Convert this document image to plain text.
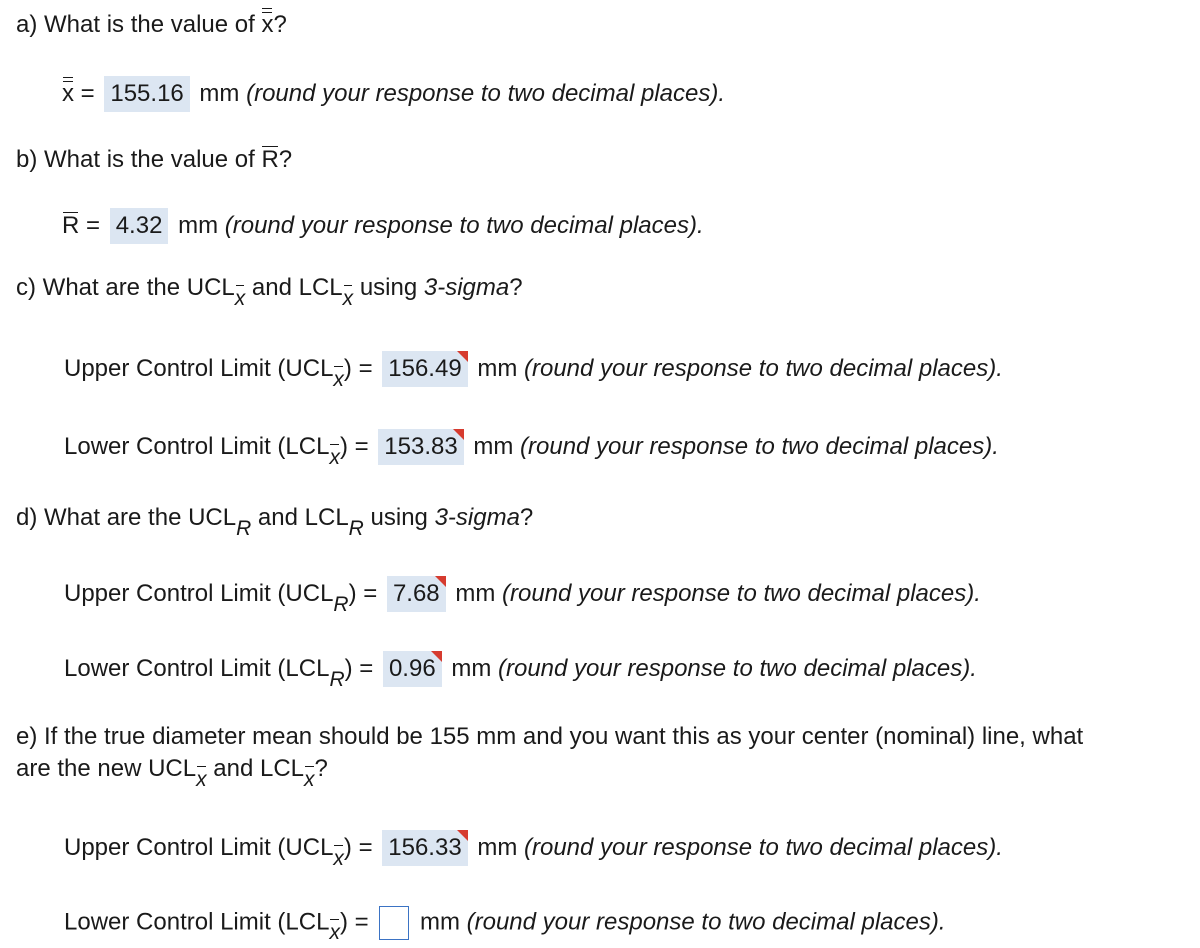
a) What is the value of x?
x = 155.16 mm (round your response to two decimal places).
b) What is the value of R?
R = 4.32 mm (round your response to two decimal places).
c) What are the UCLx and LCLx using 3-sigma?
Upper Control Limit (UCLx) = 156.49 mm (round your response to two decimal places).
Lower Control Limit (LCLx) = 153.83 mm (round your response to two decimal places).
d) What are the UCLR and LCLR using 3-sigma?
Upper Control Limit (UCLR) = 7.68 mm (round your response to two decimal places).
Lower Control Limit (LCLR) = 0.96 mm (round your response to two decimal places).
e) If the true diameter mean should be 155 mm and you want this as your center (nominal) line, what
are the new UCLx and LCLx?
Upper Control Limit (UCLx) = 156.33 mm (round your response to two decimal places).
Lower Control Limit (LCLx) =  mm (round your response to two decimal places).
